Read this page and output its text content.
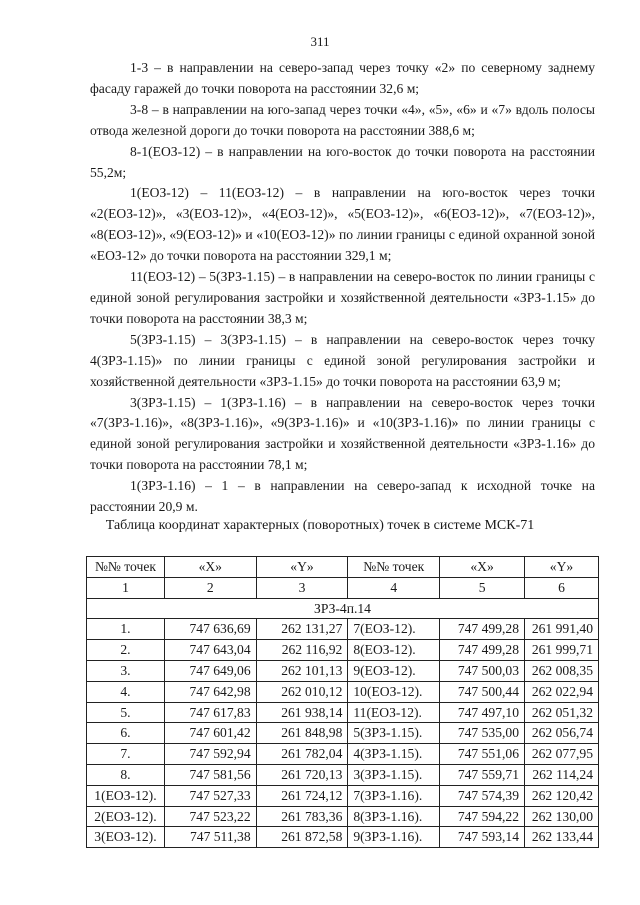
311

1-3 – в направлении на северо-запад через точку «2» по северному заднему фасаду гаражей до точки поворота на расстоянии 32,6 м;

3-8 – в направлении на юго-запад через точки «4», «5», «6» и «7» вдоль полосы отвода железной дороги до точки поворота на расстоянии 388,6 м;

8-1(ЕОЗ-12) – в направлении на юго-восток до точки поворота на расстоянии 55,2м;

1(ЕОЗ-12) – 11(ЕОЗ-12) – в направлении на юго-восток через точки «2(ЕОЗ-12)», «3(ЕОЗ-12)», «4(ЕОЗ-12)», «5(ЕОЗ-12)», «6(ЕОЗ-12)», «7(ЕОЗ-12)», «8(ЕОЗ-12)», «9(ЕОЗ-12)» и «10(ЕОЗ-12)» по линии границы с единой охранной зоной «ЕОЗ-12» до точки поворота на расстоянии 329,1 м;

11(ЕОЗ-12) – 5(ЗРЗ-1.15) – в направлении на северо-восток по линии границы с единой зоной регулирования застройки и хозяйственной деятельности «ЗРЗ-1.15» до точки поворота на расстоянии 38,3 м;

5(ЗРЗ-1.15) – 3(ЗРЗ-1.15) – в направлении на северо-восток через точку 4(ЗРЗ-1.15)» по линии границы с единой зоной регулирования застройки и хозяйственной деятельности «ЗРЗ-1.15» до точки поворота на расстоянии 63,9 м;

3(ЗРЗ-1.15) – 1(ЗРЗ-1.16) – в направлении на северо-восток через точки «7(ЗРЗ-1.16)», «8(ЗРЗ-1.16)», «9(ЗРЗ-1.16)» и «10(ЗРЗ-1.16)» по линии границы с единой зоной регулирования застройки и хозяйственной деятельности «ЗРЗ-1.16» до точки поворота на расстоянии 78,1 м;

1(ЗРЗ-1.16) – 1 – в направлении на северо-запад к исходной точке на расстоянии 20,9 м.

Таблица координат характерных (поворотных) точек в системе МСК-71
№№ точек	«X»	«Y»	№№ точек	«X»	«Y»
1	2	3	4	5	6
ЗРЗ-4п.14					
1.	747 636,69	262 131,27	7(ЕОЗ-12).	747 499,28	261 991,40
2.	747 643,04	262 116,92	8(ЕОЗ-12).	747 499,28	261 999,71
3.	747 649,06	262 101,13	9(ЕОЗ-12).	747 500,03	262 008,35
4.	747 642,98	262 010,12	10(ЕОЗ-12).	747 500,44	262 022,94
5.	747 617,83	261 938,14	11(ЕОЗ-12).	747 497,10	262 051,32
6.	747 601,42	261 848,98	5(ЗРЗ-1.15).	747 535,00	262 056,74
7.	747 592,94	261 782,04	4(ЗРЗ-1.15).	747 551,06	262 077,95
8.	747 581,56	261 720,13	3(ЗРЗ-1.15).	747 559,71	262 114,24
1(ЕОЗ-12).	747 527,33	261 724,12	7(ЗРЗ-1.16).	747 574,39	262 120,42
2(ЕОЗ-12).	747 523,22	261 783,36	8(ЗРЗ-1.16).	747 594,22	262 130,00
3(ЕОЗ-12).	747 511,38	261 872,58	9(ЗРЗ-1.16).	747 593,14	262 133,44
